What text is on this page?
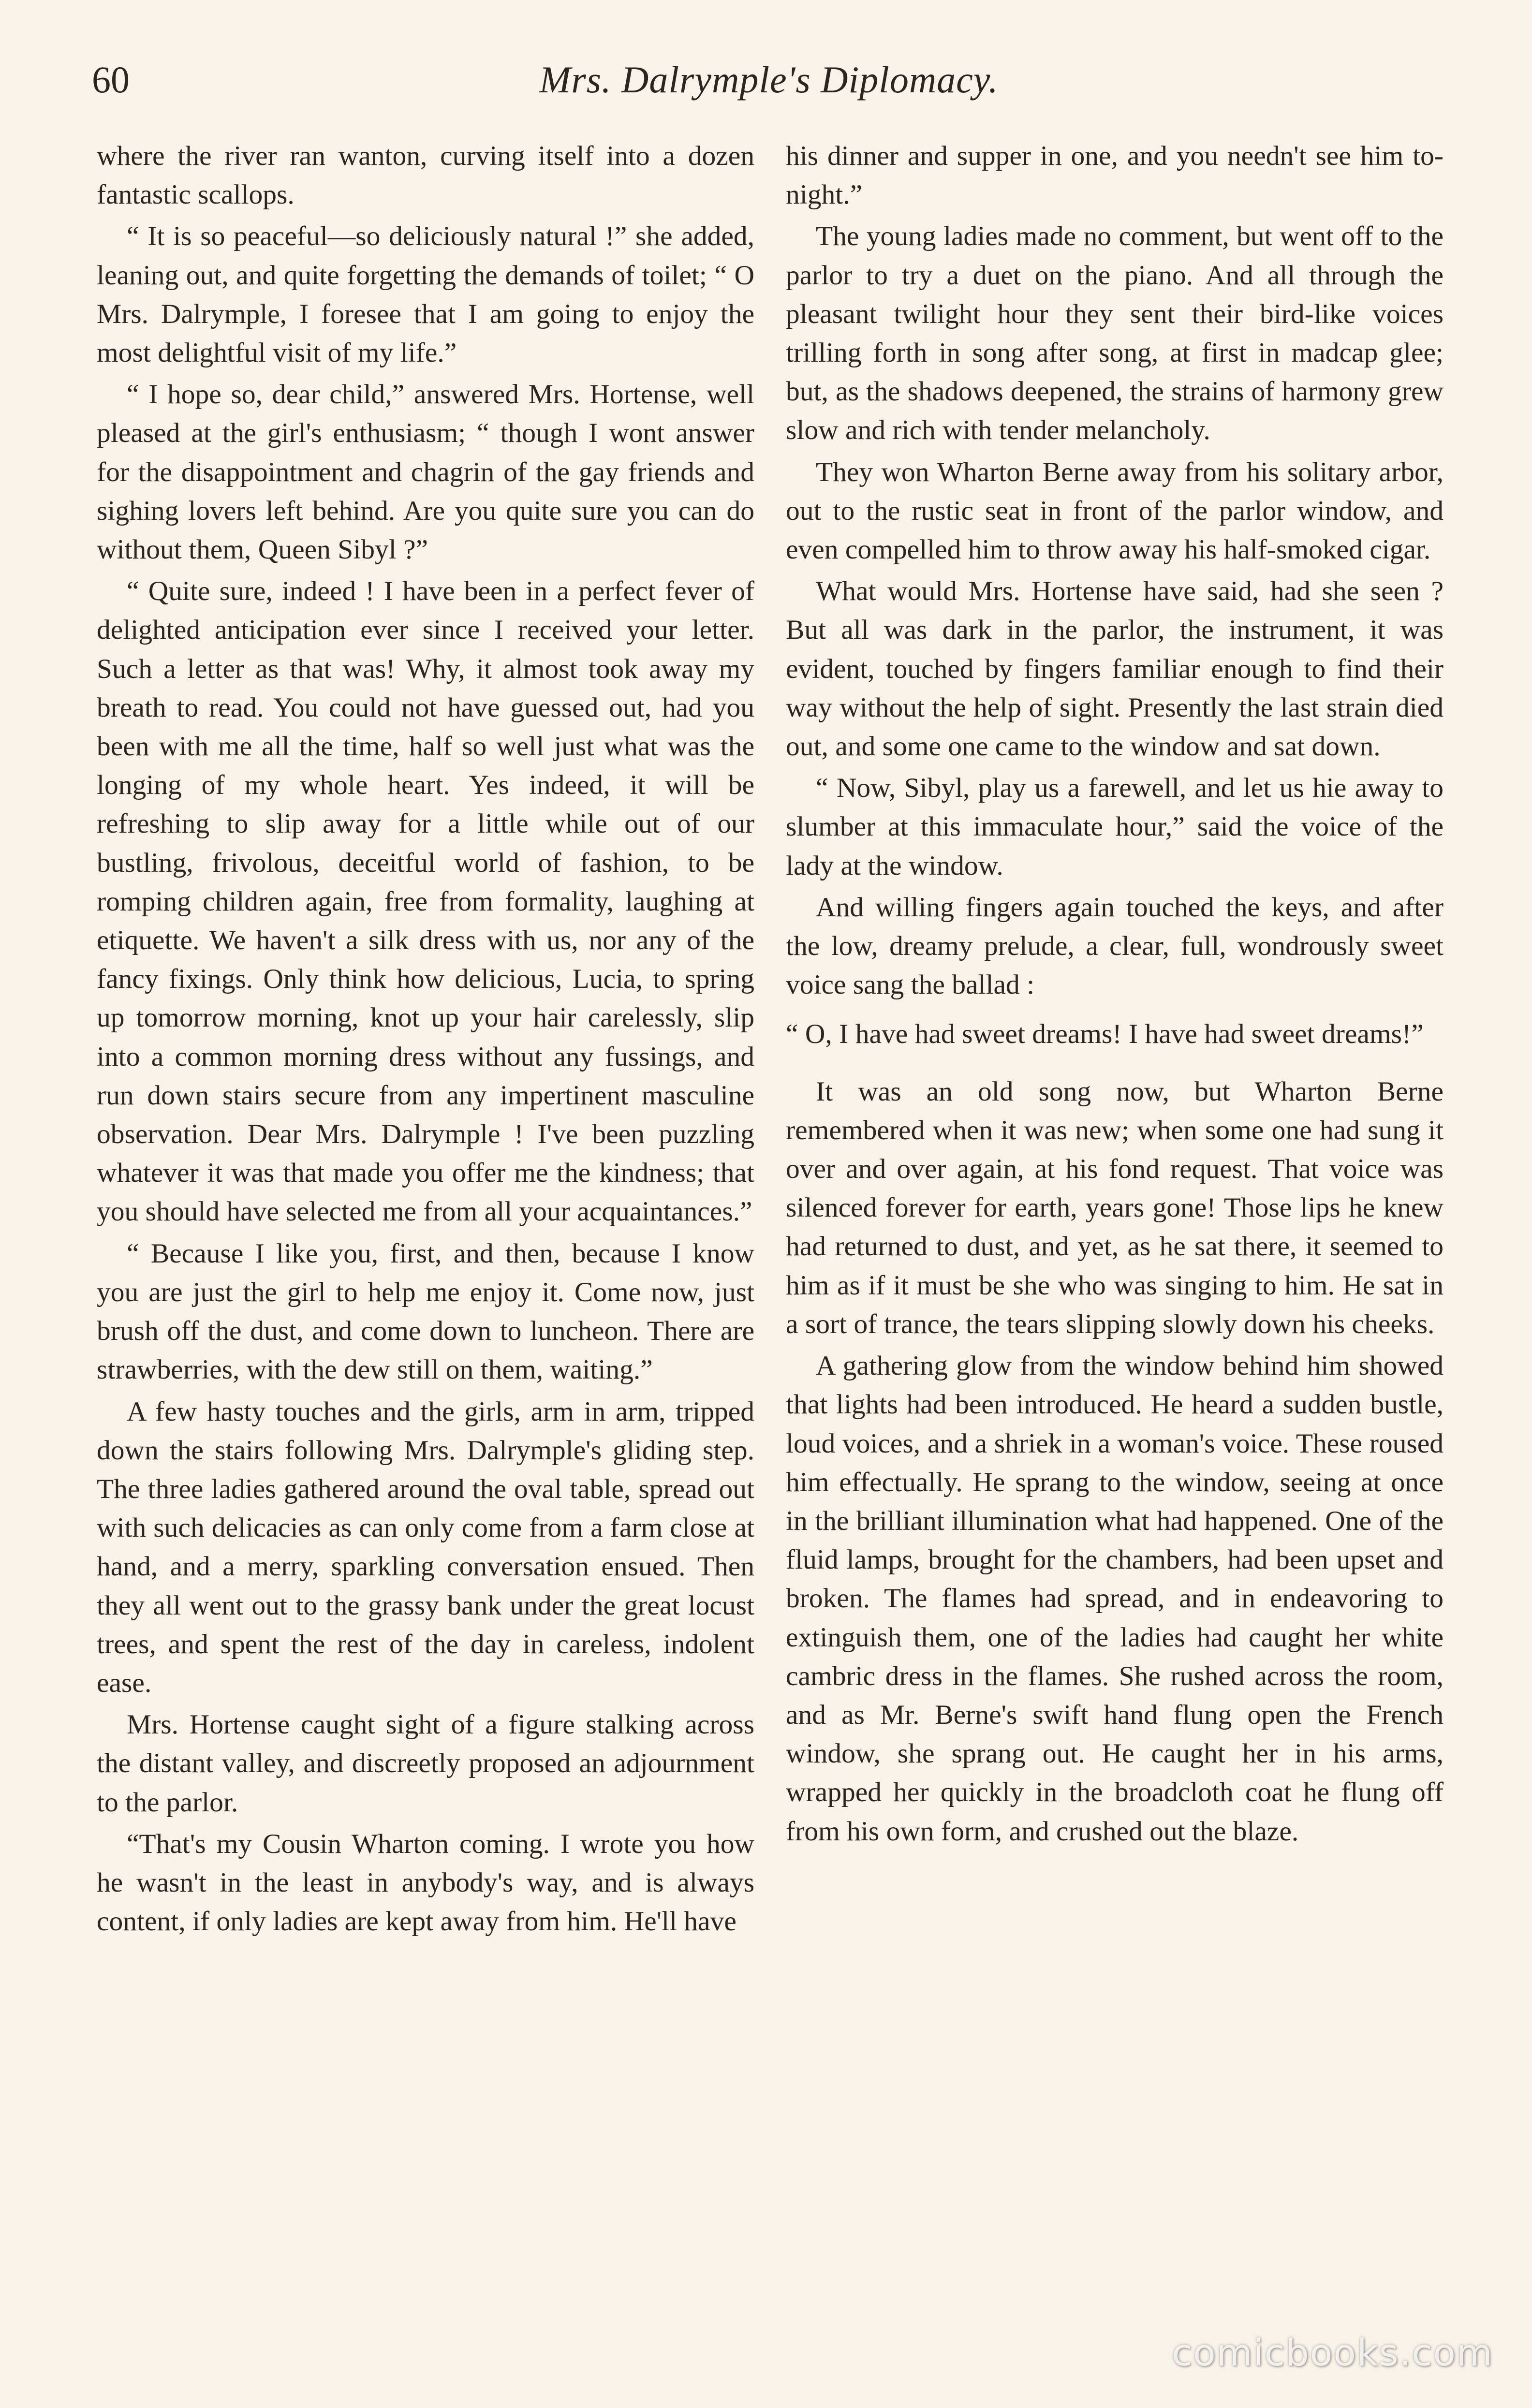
60	Mrs. Dalrymple's Diplomacy.

where the river ran wanton, curving itself into a dozen fantastic scallops.

“ It is so peaceful—so deliciously natural !” she added, leaning out, and quite forgetting the demands of toilet; “ O Mrs. Dalrymple, I foresee that I am going to enjoy the most delightful visit of my life.”

“ I hope so, dear child,” answered Mrs. Hortense, well pleased at the girl's enthusiasm; “ though I wont answer for the disappointment and chagrin of the gay friends and sighing lovers left behind. Are you quite sure you can do without them, Queen Sibyl ?”

“ Quite sure, indeed ! I have been in a perfect fever of delighted anticipation ever since I received your letter. Such a letter as that was! Why, it almost took away my breath to read. You could not have guessed out, had you been with me all the time, half so well just what was the longing of my whole heart. Yes indeed, it will be refreshing to slip away for a little while out of our bustling, frivolous, deceitful world of fashion, to be romping children again, free from formality, laughing at etiquette. We haven't a silk dress with us, nor any of the fancy fixings. Only think how delicious, Lucia, to spring up tomorrow morning, knot up your hair carelessly, slip into a common morning dress without any fussings, and run down stairs secure from any impertinent masculine observation. Dear Mrs. Dalrymple ! I've been puzzling whatever it was that made you offer me the kindness; that you should have selected me from all your acquaintances.”

“ Because I like you, first, and then, because I know you are just the girl to help me enjoy it. Come now, just brush off the dust, and come down to luncheon. There are strawberries, with the dew still on them, waiting.”

A few hasty touches and the girls, arm in arm, tripped down the stairs following Mrs. Dalrymple's gliding step. The three ladies gathered around the oval table, spread out with such delicacies as can only come from a farm close at hand, and a merry, sparkling conversation ensued. Then they all went out to the grassy bank under the great locust trees, and spent the rest of the day in careless, indolent ease.

Mrs. Hortense caught sight of a figure stalking across the distant valley, and discreetly proposed an adjournment to the parlor.

“That's my Cousin Wharton coming. I wrote you how he wasn't in the least in anybody's way, and is always content, if only ladies are kept away from him. He'll have

his dinner and supper in one, and you needn't see him to-night.”

The young ladies made no comment, but went off to the parlor to try a duet on the piano. And all through the pleasant twilight hour they sent their bird-like voices trilling forth in song after song, at first in madcap glee; but, as the shadows deepened, the strains of harmony grew slow and rich with tender melancholy.

They won Wharton Berne away from his solitary arbor, out to the rustic seat in front of the parlor window, and even compelled him to throw away his half-smoked cigar.

What would Mrs. Hortense have said, had she seen ? But all was dark in the parlor, the instrument, it was evident, touched by fingers familiar enough to find their way without the help of sight. Presently the last strain died out, and some one came to the window and sat down.

“ Now, Sibyl, play us a farewell, and let us hie away to slumber at this immaculate hour,” said the voice of the lady at the window.

And willing fingers again touched the keys, and after the low, dreamy prelude, a clear, full, wondrously sweet voice sang the ballad :

“ O, I have had sweet dreams! I have had sweet dreams!”

It was an old song now, but Wharton Berne remembered when it was new; when some one had sung it over and over again, at his fond request. That voice was silenced forever for earth, years gone! Those lips he knew had returned to dust, and yet, as he sat there, it seemed to him as if it must be she who was singing to him. He sat in a sort of trance, the tears slipping slowly down his cheeks.

A gathering glow from the window behind him showed that lights had been introduced. He heard a sudden bustle, loud voices, and a shriek in a woman's voice. These roused him effectually. He sprang to the window, seeing at once in the brilliant illumination what had happened. One of the fluid lamps, brought for the chambers, had been upset and broken. The flames had spread, and in endeavoring to extinguish them, one of the ladies had caught her white cambric dress in the flames. She rushed across the room, and as Mr. Berne's swift hand flung open the French window, she sprang out. He caught her in his arms, wrapped her quickly in the broadcloth coat he flung off from his own form, and crushed out the blaze.

comicbooks.com
